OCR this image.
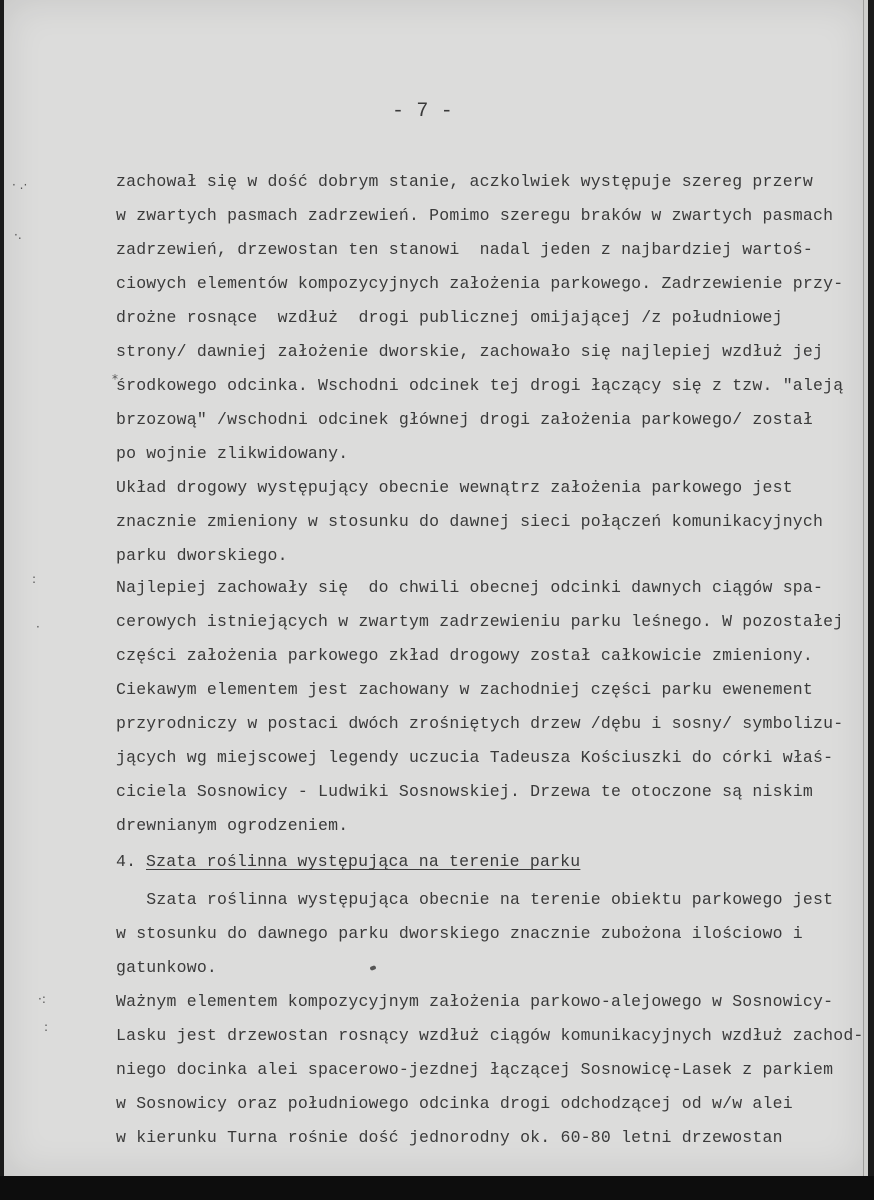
· .·
·.
:
·
·:
:
*
- 7 -
zachował się w dość dobrym stanie, aczkolwiek występuje szereg przerw
w zwartych pasmach zadrzewień. Pomimo szeregu braków w zwartych pasmach
zadrzewień, drzewostan ten stanowi  nadal jeden z najbardziej wartoś-
ciowych elementów kompozycyjnych założenia parkowego. Zadrzewienie przy-
drożne rosnące  wzdłuż  drogi publicznej omijającej /z południowej
strony/ dawniej założenie dworskie, zachowało się najlepiej wzdłuż jej
środkowego odcinka. Wschodni odcinek tej drogi łączący się z tzw. "aleją
brzozową" /wschodni odcinek głównej drogi założenia parkowego/ został
po wojnie zlikwidowany.
Układ drogowy występujący obecnie wewnątrz założenia parkowego jest
znacznie zmieniony w stosunku do dawnej sieci połączeń komunikacyjnych
parku dworskiego.
Najlepiej zachowały się  do chwili obecnej odcinki dawnych ciągów spa-
cerowych istniejących w zwartym zadrzewieniu parku leśnego. W pozostałej
części założenia parkowego zkład drogowy został całkowicie zmieniony.
Ciekawym elementem jest zachowany w zachodniej części parku ewenement
przyrodniczy w postaci dwóch zrośniętych drzew /dębu i sosny/ symbolizu-
jących wg miejscowej legendy uczucia Tadeusza Kościuszki do córki właś-
ciciela Sosnowicy - Ludwiki Sosnowskiej. Drzewa te otoczone są niskim
drewnianym ogrodzeniem.
4. Szata roślinna występująca na terenie parku
Szata roślinna występująca obecnie na terenie obiektu parkowego jest
w stosunku do dawnego parku dworskiego znacznie zubożona ilościowo i
gatunkowo.
Ważnym elementem kompozycyjnym założenia parkowo-alejowego w Sosnowicy-
Lasku jest drzewostan rosnący wzdłuż ciągów komunikacyjnych wzdłuż zachod-
niego docinka alei spacerowo-jezdnej łączącej Sosnowicę-Lasek z parkiem
w Sosnowicy oraz południowego odcinka drogi odchodzącej od w/w alei
w kierunku Turna rośnie dość jednorodny ok. 60-80 letni drzewostan
